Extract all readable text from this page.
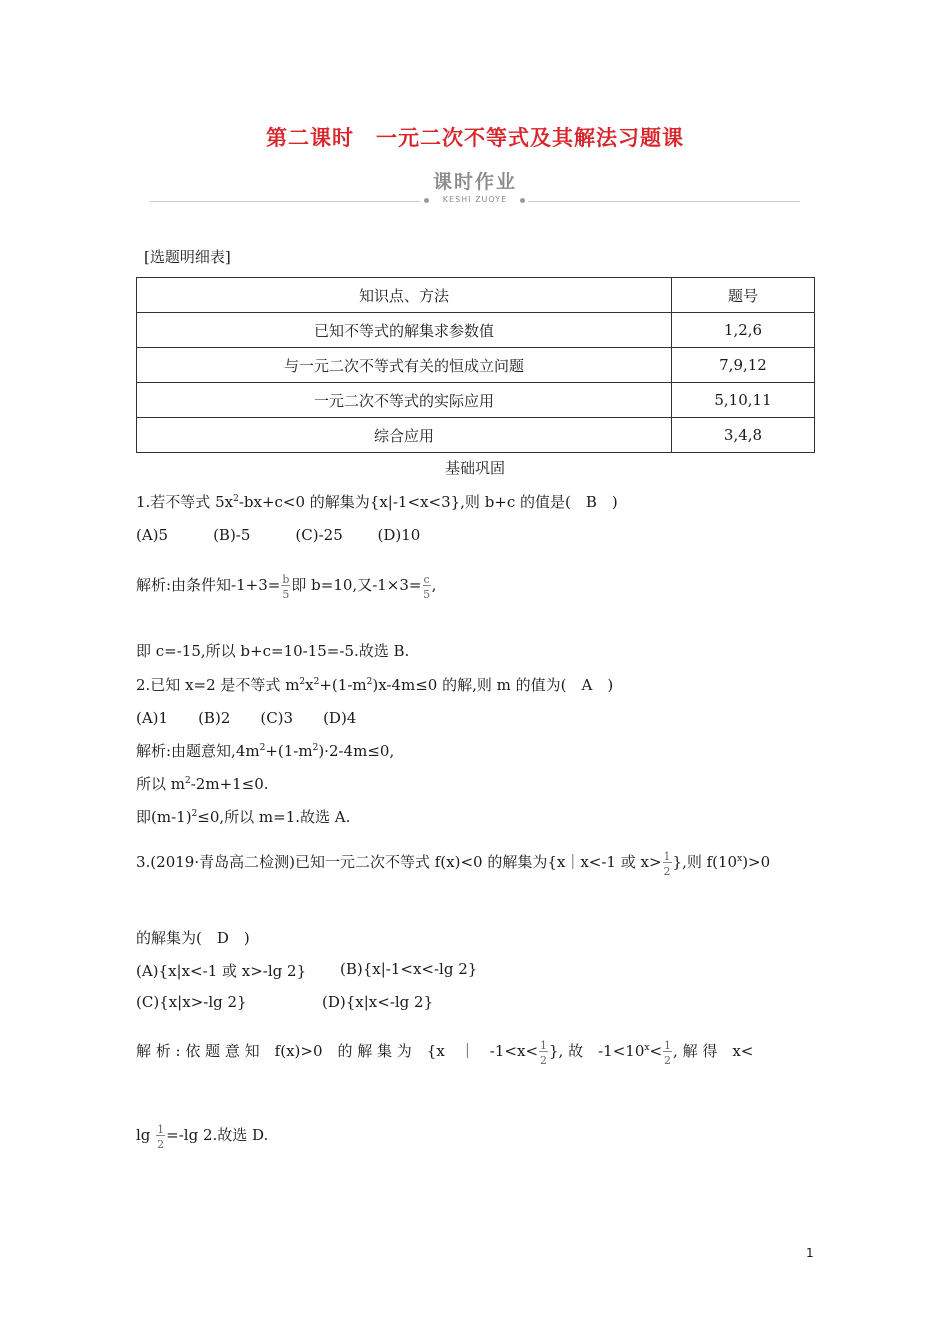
第二课时　一元二次不等式及其解法习题课
课时作业
KESHI ZUOYE
[选题明细表]
知识点、方法	题号
已知不等式的解集求参数值	1,2,6
与一元二次不等式有关的恒成立问题	7,9,12
一元二次不等式的实际应用	5,10,11
综合应用	3,4,8
基础巩固
1.若不等式 $5x^2-bx+c<0$ 的解集为{x|-1<x<3},则 b+c 的值是(　B　)
(A)5　　　(B)-5　　　(C)-25　　 (D)10
解析:由条件知$-1+3= \frac{b}{5}$ 即 b=10,又$-1\times 3= \frac{c}{5}$ ,
即 c=-15,所以 b+c=10-15=-5.故选 B.
2.已知 x=2 是不等式 $m^2x^2+(1-m^2)x-4m\le 0$ 的解,则 m 的值为(　A　)
(A)1　　(B)2　　(C)3　　(D)4
解析:由题意知$,4m^2+(1-m^2)\cdot 2-4m\le 0$,
所以 $m^2-2m+1\le 0$.
即$(m-1)^2\le 0$,所以 m=1.故选 A.
3.(2019·青岛高二检测)已知一元二次不等式 f(x)<0 的解集为{x｜x<-1 或 $x> \frac{1}{2}$ },则 $f(10^x)>0$
的解集为(　D　)
(A){x|x<-1 或 x>-lg 2} (B){x|-1<x<-lg 2}
(C){x|x>-lg 2}	(D){x|x<-lg 2}
解 析 : 依 题 意 知　f(x)>0　的 解 集 为　{x　｜　$-1<x< \frac{1}{2}$ }, 故　$-1<10^x< \frac{1}{2}$ , 解 得　x<
$\lg \frac{1}{2} =-\lg$ 2.故选 D.
1
